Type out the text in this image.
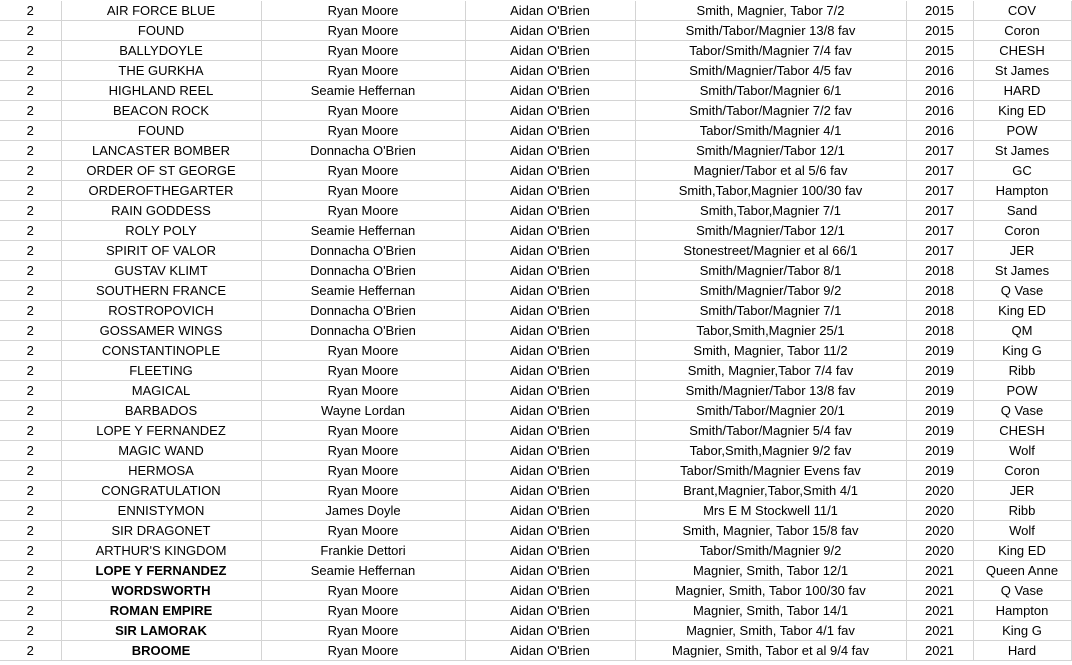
2	AIR FORCE BLUE	Ryan Moore	Aidan O'Brien	Smith, Magnier, Tabor 7/2	2015	COV
2	FOUND	Ryan Moore	Aidan O'Brien	Smith/Tabor/Magnier 13/8 fav	2015	Coron
2	BALLYDOYLE	Ryan Moore	Aidan O'Brien	Tabor/Smith/Magnier 7/4 fav	2015	CHESH
2	THE GURKHA	Ryan Moore	Aidan O'Brien	Smith/Magnier/Tabor 4/5 fav	2016	St James
2	HIGHLAND REEL	Seamie Heffernan	Aidan O'Brien	Smith/Tabor/Magnier 6/1	2016	HARD
2	BEACON ROCK	Ryan Moore	Aidan O'Brien	Smith/Tabor/Magnier 7/2 fav	2016	King ED
2	FOUND	Ryan Moore	Aidan O'Brien	Tabor/Smith/Magnier 4/1	2016	POW
2	LANCASTER BOMBER	Donnacha O'Brien	Aidan O'Brien	Smith/Magnier/Tabor 12/1	2017	St James
2	ORDER OF ST GEORGE	Ryan Moore	Aidan O'Brien	Magnier/Tabor et al 5/6 fav	2017	GC
2	ORDEROFTHEGARTER	Ryan Moore	Aidan O'Brien	Smith,Tabor,Magnier 100/30 fav	2017	Hampton
2	RAIN GODDESS	Ryan Moore	Aidan O'Brien	Smith,Tabor,Magnier 7/1	2017	Sand
2	ROLY POLY	Seamie Heffernan	Aidan O'Brien	Smith/Magnier/Tabor 12/1	2017	Coron
2	SPIRIT OF VALOR	Donnacha O'Brien	Aidan O'Brien	Stonestreet/Magnier et al 66/1	2017	JER
2	GUSTAV KLIMT	Donnacha O'Brien	Aidan O'Brien	Smith/Magnier/Tabor 8/1	2018	St James
2	SOUTHERN FRANCE	Seamie Heffernan	Aidan O'Brien	Smith/Magnier/Tabor 9/2	2018	Q Vase
2	ROSTROPOVICH	Donnacha O'Brien	Aidan O'Brien	Smith/Tabor/Magnier 7/1	2018	King ED
2	GOSSAMER WINGS	Donnacha O'Brien	Aidan O'Brien	Tabor,Smith,Magnier 25/1	2018	QM
2	CONSTANTINOPLE	Ryan Moore	Aidan O'Brien	Smith, Magnier, Tabor 11/2	2019	King G
2	FLEETING	Ryan Moore	Aidan O'Brien	Smith, Magnier,Tabor 7/4 fav	2019	Ribb
2	MAGICAL	Ryan Moore	Aidan O'Brien	Smith/Magnier/Tabor 13/8 fav	2019	POW
2	BARBADOS	Wayne Lordan	Aidan O'Brien	Smith/Tabor/Magnier 20/1	2019	Q Vase
2	LOPE Y FERNANDEZ	Ryan Moore	Aidan O'Brien	Smith/Tabor/Magnier 5/4 fav	2019	CHESH
2	MAGIC WAND	Ryan Moore	Aidan O'Brien	Tabor,Smith,Magnier 9/2 fav	2019	Wolf
2	HERMOSA	Ryan Moore	Aidan O'Brien	Tabor/Smith/Magnier Evens fav	2019	Coron
2	CONGRATULATION	Ryan Moore	Aidan O'Brien	Brant,Magnier,Tabor,Smith 4/1	2020	JER
2	ENNISTYMON	James Doyle	Aidan O'Brien	Mrs E M Stockwell 11/1	2020	Ribb
2	SIR DRAGONET	Ryan Moore	Aidan O'Brien	Smith, Magnier, Tabor 15/8 fav	2020	Wolf
2	ARTHUR'S KINGDOM	Frankie Dettori	Aidan O'Brien	Tabor/Smith/Magnier 9/2	2020	King ED
2	LOPE Y FERNANDEZ	Seamie Heffernan	Aidan O'Brien	Magnier, Smith, Tabor 12/1	2021	Queen Anne
2	WORDSWORTH	Ryan Moore	Aidan O'Brien	Magnier, Smith, Tabor 100/30 fav	2021	Q Vase
2	ROMAN EMPIRE	Ryan Moore	Aidan O'Brien	Magnier, Smith, Tabor 14/1	2021	Hampton
2	SIR LAMORAK	Ryan Moore	Aidan O'Brien	Magnier, Smith, Tabor 4/1 fav	2021	King G
2	BROOME	Ryan Moore	Aidan O'Brien	Magnier, Smith, Tabor et al 9/4 fav	2021	Hard
